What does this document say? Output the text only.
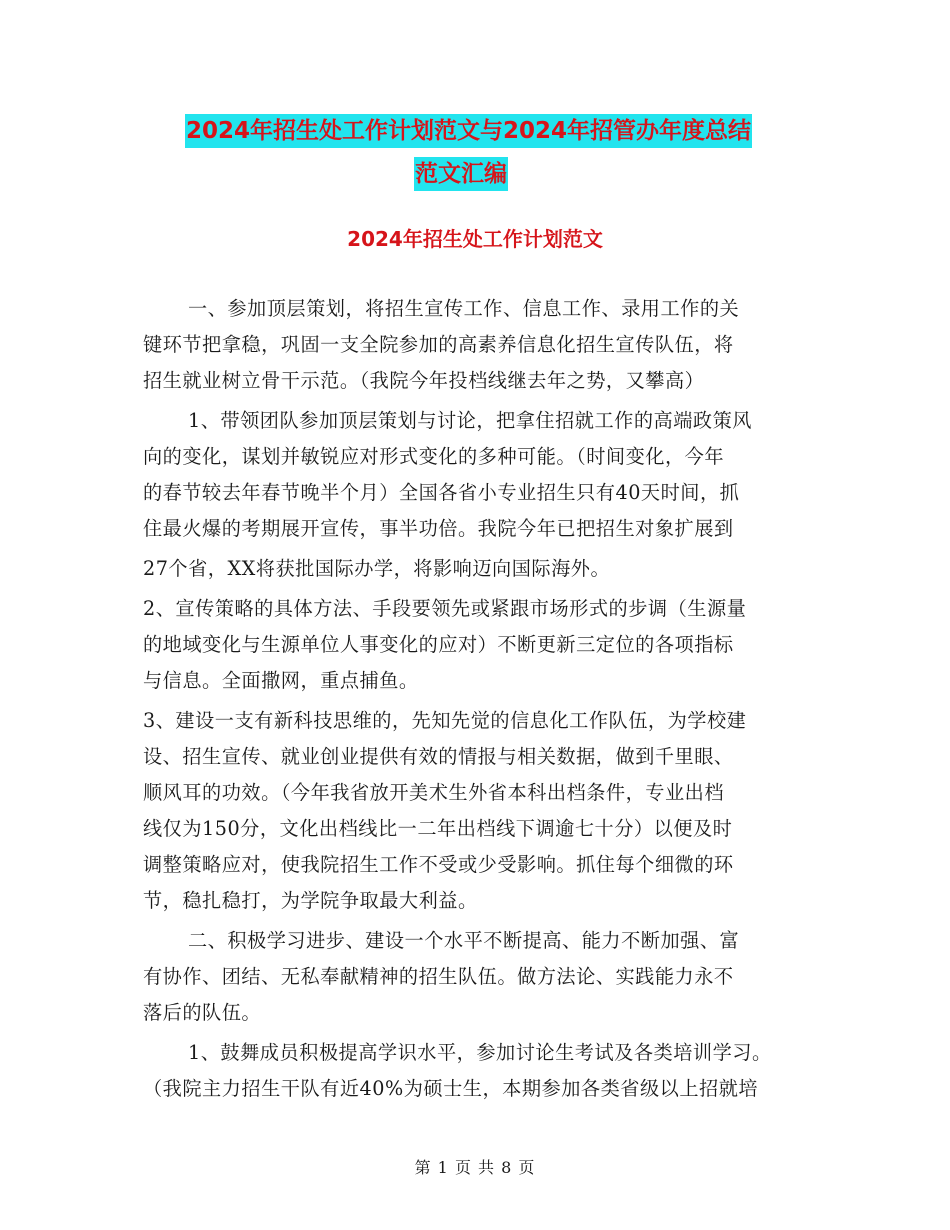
2024年招生处工作计划范文与2024年招管办年度总结
范文汇编
2024年招生处工作计划范文
一、参加顶层策划，将招生宣传工作、信息工作、录用工作的关
键环节把拿稳，巩固一支全院参加的高素养信息化招生宣传队伍，将
招生就业树立骨干示范。（我院今年投档线继去年之势，又攀高）
1、带领团队参加顶层策划与讨论，把拿住招就工作的高端政策风
向的变化，谋划并敏锐应对形式变化的多种可能。（时间变化，今年
的春节较去年春节晚半个月）全国各省小专业招生只有40天时间，抓
住最火爆的考期展开宣传，事半功倍。我院今年已把招生对象扩展到
27个省，XX将获批国际办学，将影响迈向国际海外。
2、宣传策略的具体方法、手段要领先或紧跟市场形式的步调（生源量
的地域变化与生源单位人事变化的应对）不断更新三定位的各项指标
与信息。全面撒网，重点捕鱼。
3、建设一支有新科技思维的，先知先觉的信息化工作队伍，为学校建
设、招生宣传、就业创业提供有效的情报与相关数据，做到千里眼、
顺风耳的功效。（今年我省放开美术生外省本科出档条件，专业出档
线仅为150分，文化出档线比一二年出档线下调逾七十分）以便及时
调整策略应对，使我院招生工作不受或少受影响。抓住每个细微的环
节，稳扎稳打，为学院争取最大利益。
二、积极学习进步、建设一个水平不断提高、能力不断加强、富
有协作、团结、无私奉献精神的招生队伍。做方法论、实践能力永不
落后的队伍。
1、鼓舞成员积极提高学识水平，参加讨论生考试及各类培训学习。
（我院主力招生干队有近40%为硕士生，本期参加各类省级以上招就培
第 1 页 共 8 页
